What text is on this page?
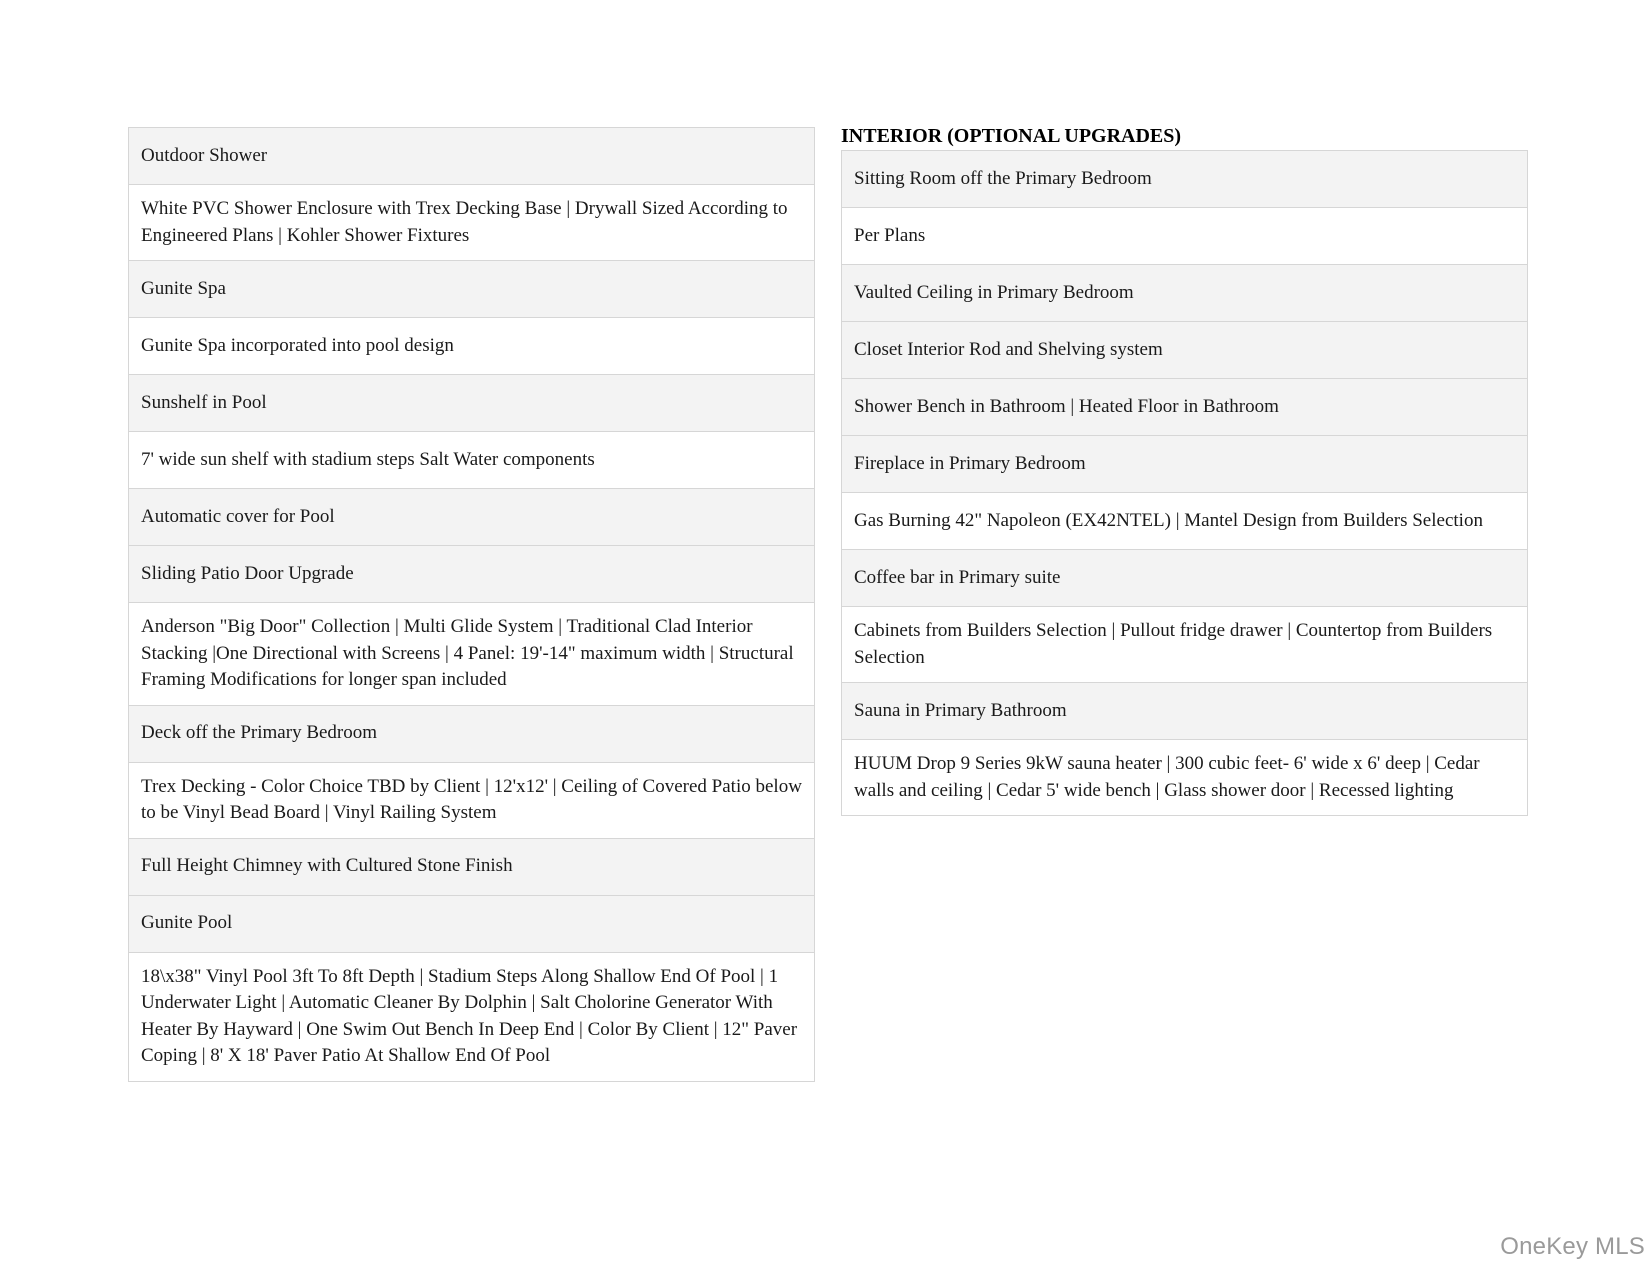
Outdoor Shower
White PVC Shower Enclosure with Trex Decking Base | Drywall Sized According to Engineered Plans | Kohler Shower Fixtures
Gunite Spa
Gunite Spa incorporated into pool design
Sunshelf in Pool
7' wide sun shelf with stadium steps Salt Water components
Automatic cover for Pool
Sliding Patio Door Upgrade
Anderson "Big Door" Collection | Multi Glide System | Traditional Clad Interior Stacking |One Directional with Screens | 4 Panel: 19'-14" maximum width | Structural Framing Modifications for longer span included
Deck off the Primary Bedroom
Trex Decking - Color Choice TBD by Client | 12'x12' | Ceiling of Covered Patio below to be Vinyl Bead Board | Vinyl Railing System
Full Height Chimney with Cultured Stone Finish
Gunite Pool
18\x38" Vinyl Pool 3ft To 8ft Depth | Stadium Steps Along Shallow End Of Pool | 1 Underwater Light | Automatic Cleaner By Dolphin | Salt Cholorine Generator With Heater By Hayward | One Swim Out Bench In Deep End | Color By Client | 12" Paver Coping | 8' X 18' Paver Patio At Shallow End Of Pool
INTERIOR (OPTIONAL UPGRADES)
Sitting Room off the Primary Bedroom
Per Plans
Vaulted Ceiling in Primary Bedroom
Closet Interior Rod and Shelving system
Shower Bench in Bathroom | Heated Floor in Bathroom
Fireplace in Primary Bedroom
Gas Burning 42" Napoleon (EX42NTEL) | Mantel Design from Builders Selection
Coffee bar in Primary suite
Cabinets from Builders Selection | Pullout fridge drawer | Countertop from Builders Selection
Sauna in Primary Bathroom
HUUM Drop 9 Series 9kW sauna heater | 300 cubic feet- 6' wide x 6' deep | Cedar walls and ceiling | Cedar 5' wide bench | Glass shower door | Recessed lighting
OneKey MLS
